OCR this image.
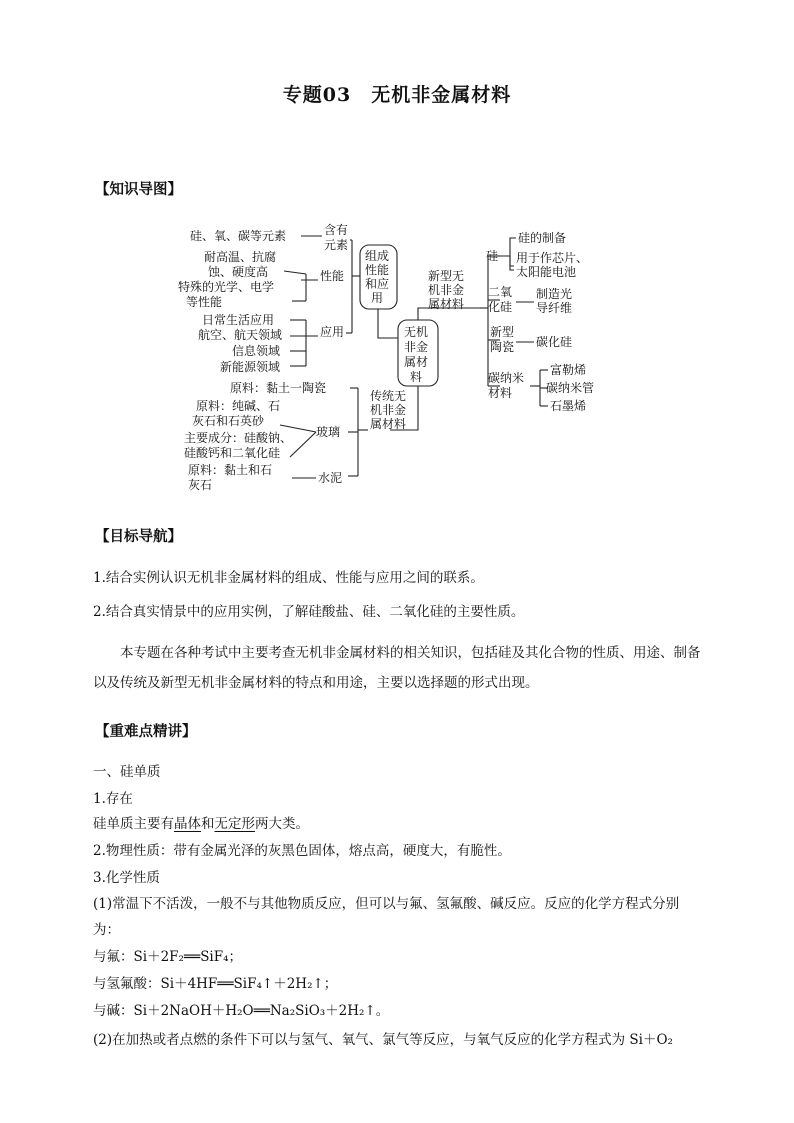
专题03　无机非金属材料
【知识导图】
硅、氧、碳等元素
耐高温、抗腐
蚀、硬度高
特殊的光学、电学
等性能
日常生活应用
航空、航天领域
信息领域
新能源领域
含有
元素
性能
应用
组成
性能
和应
用
无机
非金
属材
料
传统无
机非金
属材料
原料：黏土一陶瓷
原料：纯碱、石
灰石和石英砂
主要成分：硅酸钠、
硅酸钙和二氧化硅
玻璃
原料：黏土和石
灰石	水泥
新型无
机非金
属材料
硅
硅的制备
用于作芯片、
太阳能电池
二氧
化硅
制造光
导纤维
新型
陶瓷 碳化硅
碳纳米
材料
富勒烯
碳纳米管
石墨烯
【目标导航】
1.结合实例认识无机非金属材料的组成、性能与应用之间的联系。
2.结合真实情景中的应用实例，了解硅酸盐、硅、二氧化硅的主要性质。
本专题在各种考试中主要考查无机非金属材料的相关知识，包括硅及其化合物的性质、用途、制备以及传统及新型无机非金属材料的特点和用途，主要以选择题的形式出现。
【重难点精讲】
一、硅单质
1.存在
硅单质主要有晶体和无定形两大类。
2.物理性质：带有金属光泽的灰黑色固体，熔点高，硬度大，有脆性。
3.化学性质
(1)常温下不活泼，一般不与其他物质反应，但可以与氟、氢氟酸、碱反应。反应的化学方程式分别
为：
与氟：Si＋2F₂══SiF₄；
与氢氟酸：Si＋4HF══SiF₄↑＋2H₂↑；
与碱：Si＋2NaOH＋H₂O══Na₂SiO₃＋2H₂↑。
(2)在加热或者点燃的条件下可以与氢气、氧气、氯气等反应，与氧气反应的化学方程式为 Si＋O₂
